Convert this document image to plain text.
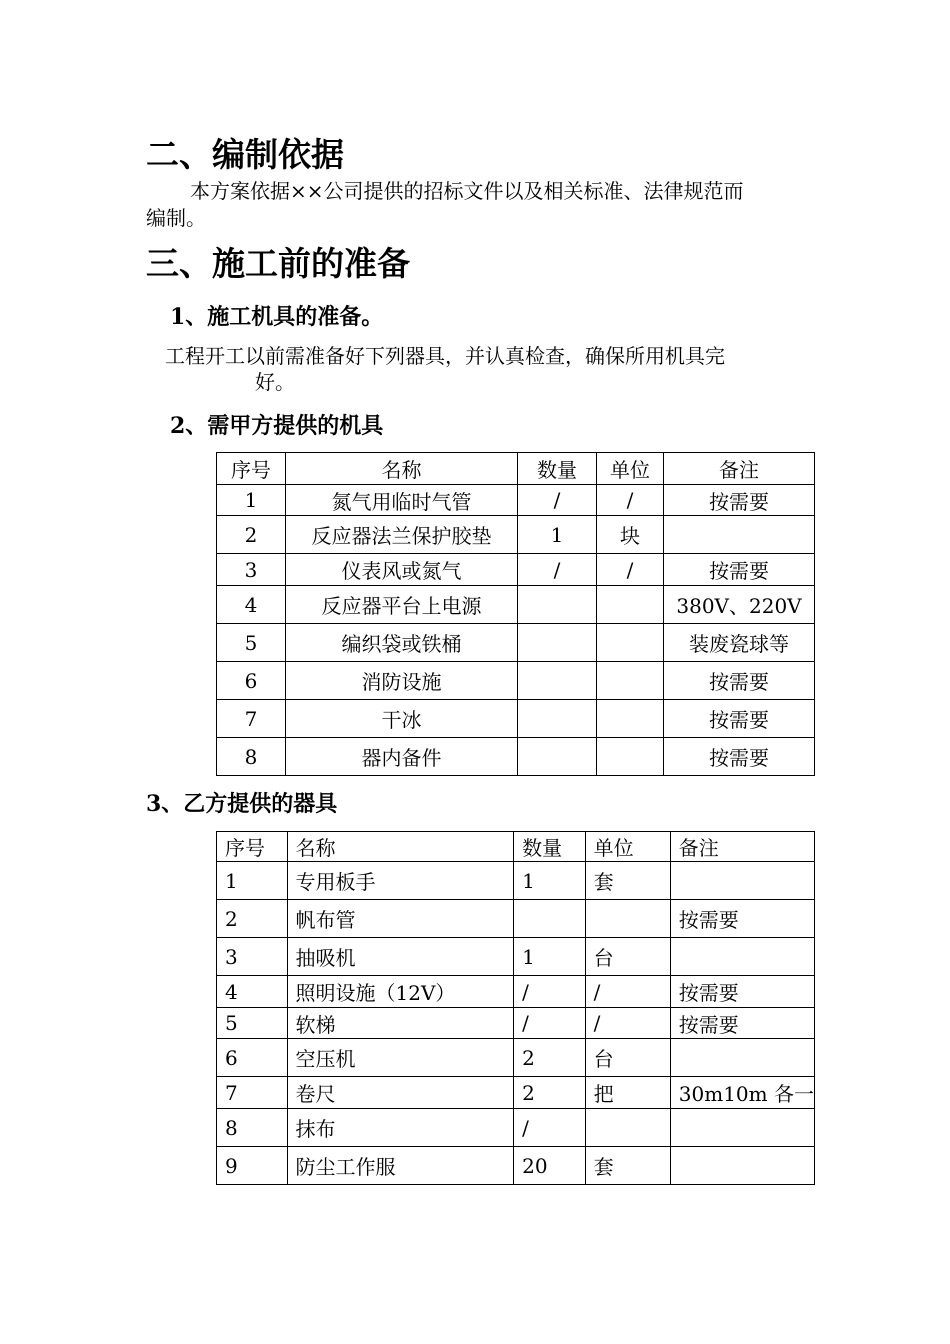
二、编制依据
本方案依据××公司提供的招标文件以及相关标准、法律规范而
编制。
三、施工前的准备
1、施工机具的准备。
工程开工以前需准备好下列器具，并认真检查，确保所用机具完
好。
2、需甲方提供的机具
序号	名称	数量	单位	备注
1	氮气用临时气管	/	/	按需要
2	反应器法兰保护胶垫	1	块	
3	仪表风或氮气	/	/	按需要
4	反应器平台上电源			380V、220V
5	编织袋或铁桶			装废瓷球等
6	消防设施			按需要
7	干冰			按需要
8	器内备件			按需要
3、乙方提供的器具
序号	名称	数量	单位	备注
1	专用板手	1	套	
2	帆布管			按需要
3	抽吸机	1	台	
4	照明设施（12V）	/	/	按需要
5	软梯	/	/	按需要
6	空压机	2	台	
7	卷尺	2	把	30m10m 各一
8	抹布	/		
9	防尘工作服	20	套	
